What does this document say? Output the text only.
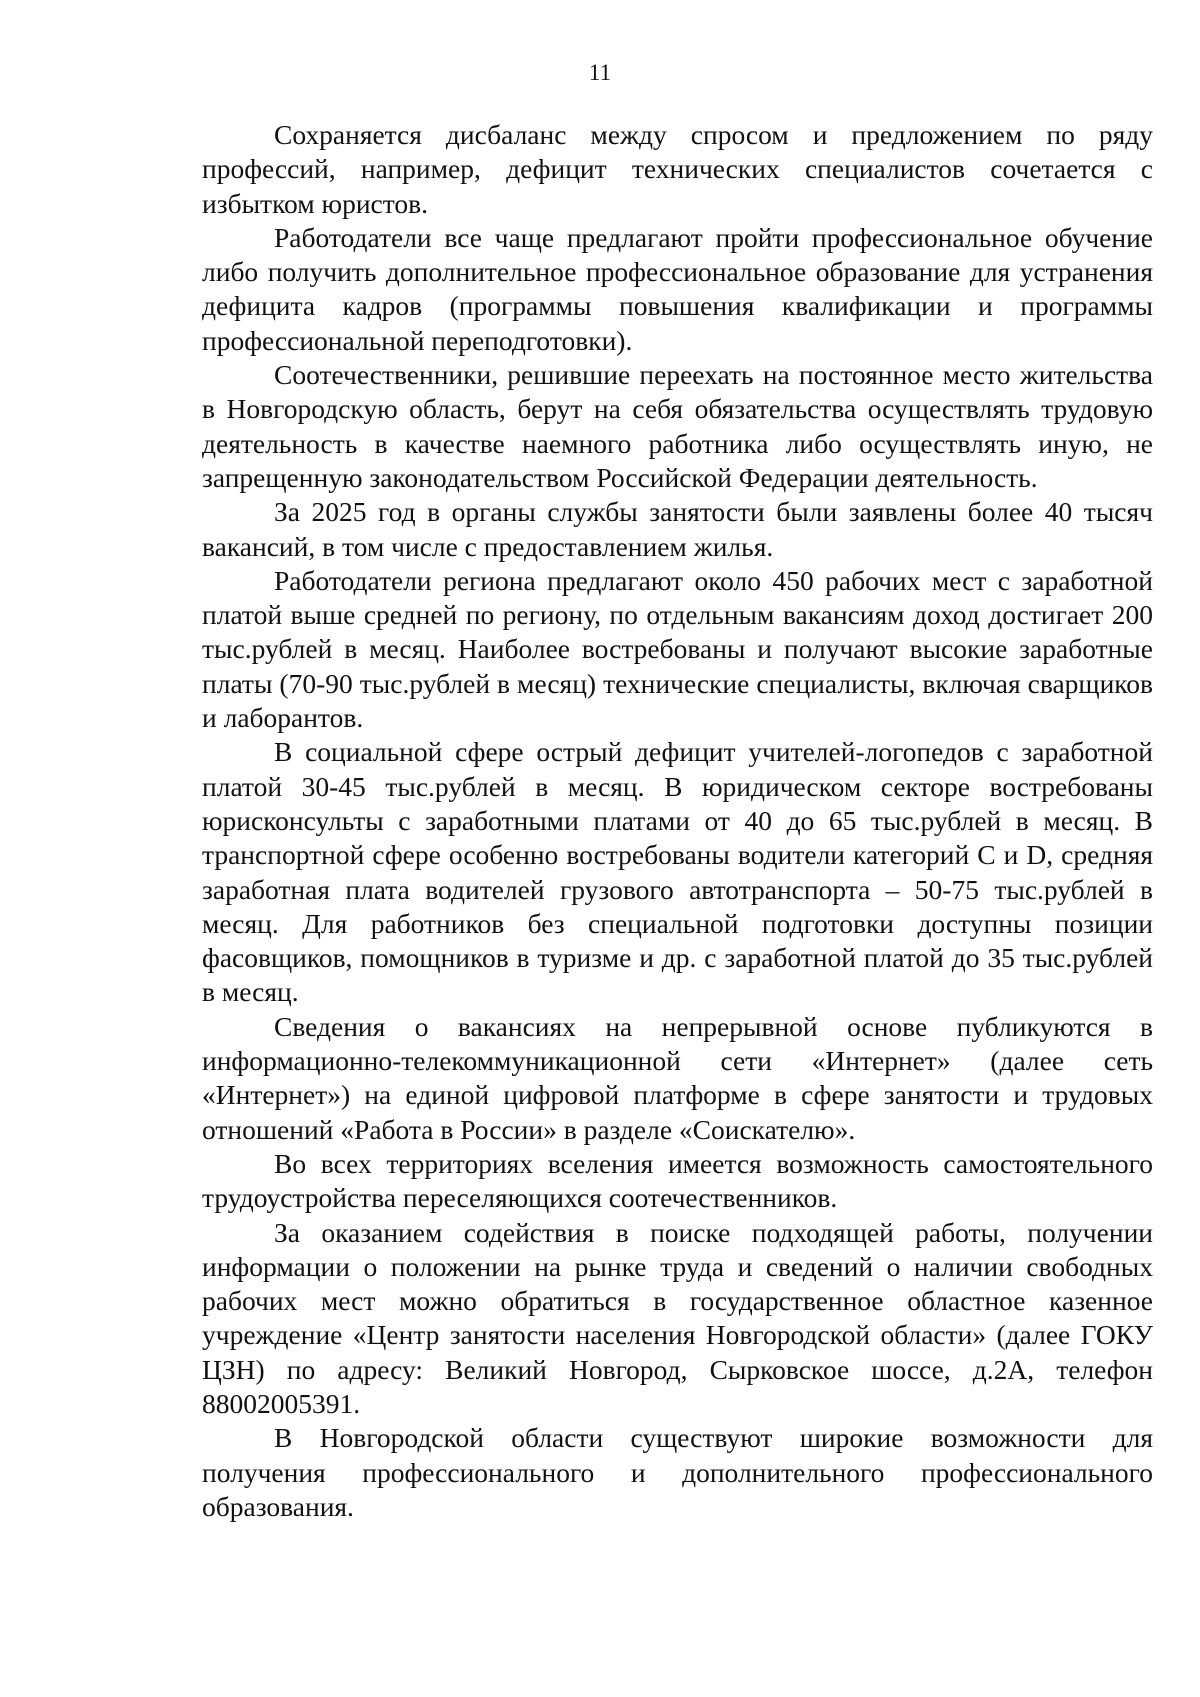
11

Сохраняется дисбаланс между спросом и предложением по ряду профессий, например, дефицит технических специалистов сочетается с избытком юристов.

Работодатели все чаще предлагают пройти профессиональное обучение либо получить дополнительное профессиональное образование для устранения дефицита кадров (программы повышения квалификации и программы профессиональной переподготовки).

Соотечественники, решившие переехать на постоянное место жительства в Новгородскую область, берут на себя обязательства осуществлять трудовую деятельность в качестве наемного работника либо осуществлять иную, не запрещенную законодательством Российской Федерации деятельность.

За 2025 год в органы службы занятости были заявлены более 40 тысяч вакансий, в том числе с предоставлением жилья.

Работодатели региона предлагают около 450 рабочих мест с заработной платой выше средней по региону, по отдельным вакансиям доход достигает 200 тыс.рублей в месяц. Наиболее востребованы и получают высокие заработные платы (70-90 тыс.рублей в месяц) технические специалисты, включая сварщиков и лаборантов.

В социальной сфере острый дефицит учителей-логопедов с заработной платой 30-45 тыс.рублей в месяц. В юридическом секторе востребованы юрисконсульты с заработными платами от 40 до 65 тыс.рублей в месяц. В транспортной сфере особенно востребованы водители категорий С и D, средняя заработная плата водителей грузового автотранспорта – 50-75 тыс.рублей в месяц. Для работников без специальной подготовки доступны позиции фасовщиков, помощников в туризме и др. с заработной платой до 35 тыс.рублей в месяц.

Сведения о вакансиях на непрерывной основе публикуются в информационно-телекоммуникационной сети «Интернет» (далее сеть «Интернет») на единой цифровой платформе в сфере занятости и трудовых отношений «Работа в России» в разделе «Соискателю».

Во всех территориях вселения имеется возможность самостоятельного трудоустройства переселяющихся соотечественников.

За оказанием содействия в поиске подходящей работы, получении информации о положении на рынке труда и сведений о наличии свободных рабочих мест можно обратиться в государственное областное казенное учреждение «Центр занятости населения Новгородской области» (далее ГОКУ ЦЗН) по адресу: Великий Новгород, Сырковское шоссе, д.2А, телефон 88002005391.

В Новгородской области существуют широкие возможности для получения профессионального и дополнительного профессионального образования.
